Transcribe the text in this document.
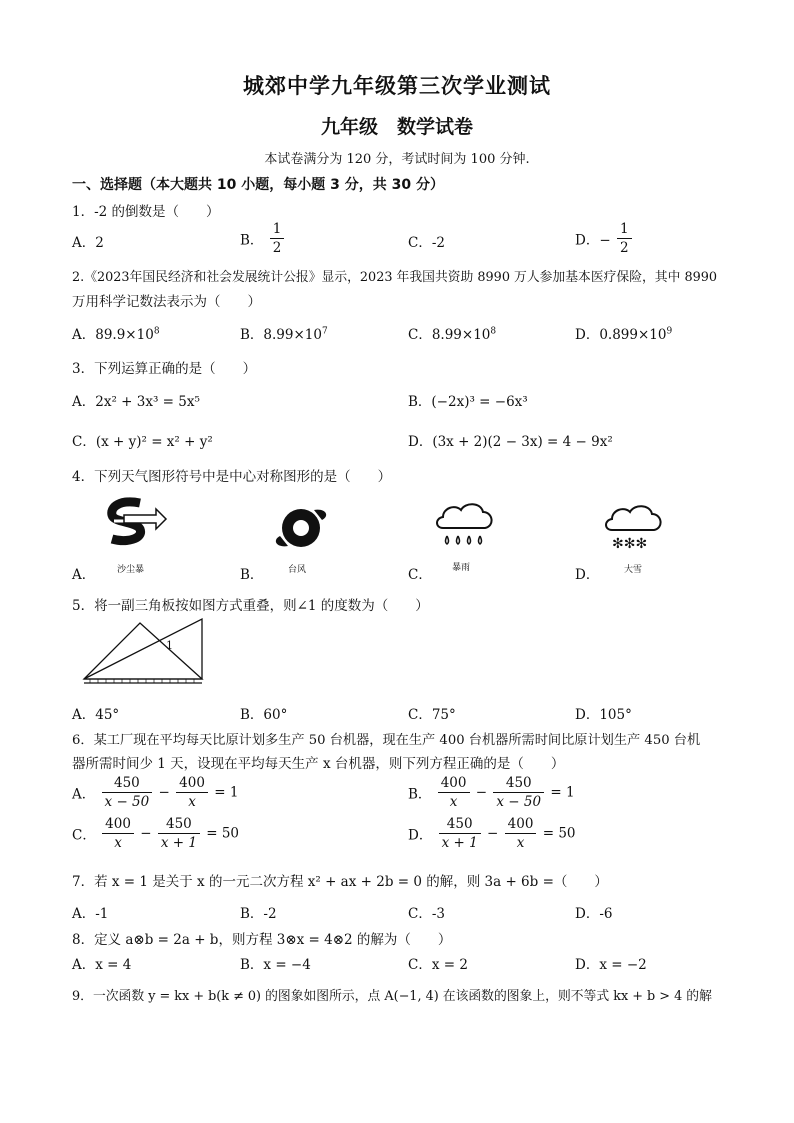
城郊中学九年级第三次学业测试
九年级　数学试卷
本试卷满分为 120 分，考试时间为 100 分钟.
一、选择题（本大题共 10 小题，每小题 3 分，共 30 分）
1．-2 的倒数是（　　）
A．2	B． $\frac{1}{2}$	C．-2	D．− $\frac{1}{2}$
2.《2023年国民经济和社会发展统计公报》显示，2023 年我国共资助 8990 万人参加基本医疗保险，其中 8990
万用科学记数法表示为（　　）
A．$89.9\times 10^8$	B．$8.99\times 10^7$	C．$8.99\times 10^8$	D．$0.899\times 10^9$
3．下列运算正确的是（　　）
A．2x² + 3x³ = 5x⁵	B．(−2x)³ = −6x³
C．(x + y)² = x² + y²	D．(3x + 2)(2 − 3x) = 4 − 9x²
4．下列天气图形符号中是中心对称图形的是（　　）
沙尘暴
A．	台风
B．	暴雨
C．
✻✻✻
大雪
D．
5．将一副三角板按如图方式重叠，则∠1 的度数为（　　）
1
A．45°	B．60°	C．75°	D．105°
6．某工厂现在平均每天比原计划多生产 50 台机器，现在生产 400 台机器所需时间比原计划生产 450 台机
器所需时间少 1 天，设现在平均每天生产 x 台机器，则下列方程正确的是（　　）
A． $\frac{450}{x - 50} - \frac{400}{x} = 1$	B． $\frac{400}{x} - \frac{450}{x - 50} = 1$
C． $\frac{400}{x} - \frac{450}{x + 1} = 50$	D． $\frac{450}{x + 1} - \frac{400}{x} = 50$
7．若 x = 1 是关于 x 的一元二次方程 x² + ax + 2b = 0 的解，则 3a + 6b =（　　）
A．-1	B．-2	C．-3	D．-6
8．定义 a⊗b = 2a + b，则方程 3⊗x = 4⊗2 的解为（　　）
A．x = 4	B．x = −4	C．x = 2	D．x = −2
9．一次函数 y = kx + b(k ≠ 0) 的图象如图所示，点 A(−1, 4) 在该函数的图象上，则不等式 kx + b > 4 的解
